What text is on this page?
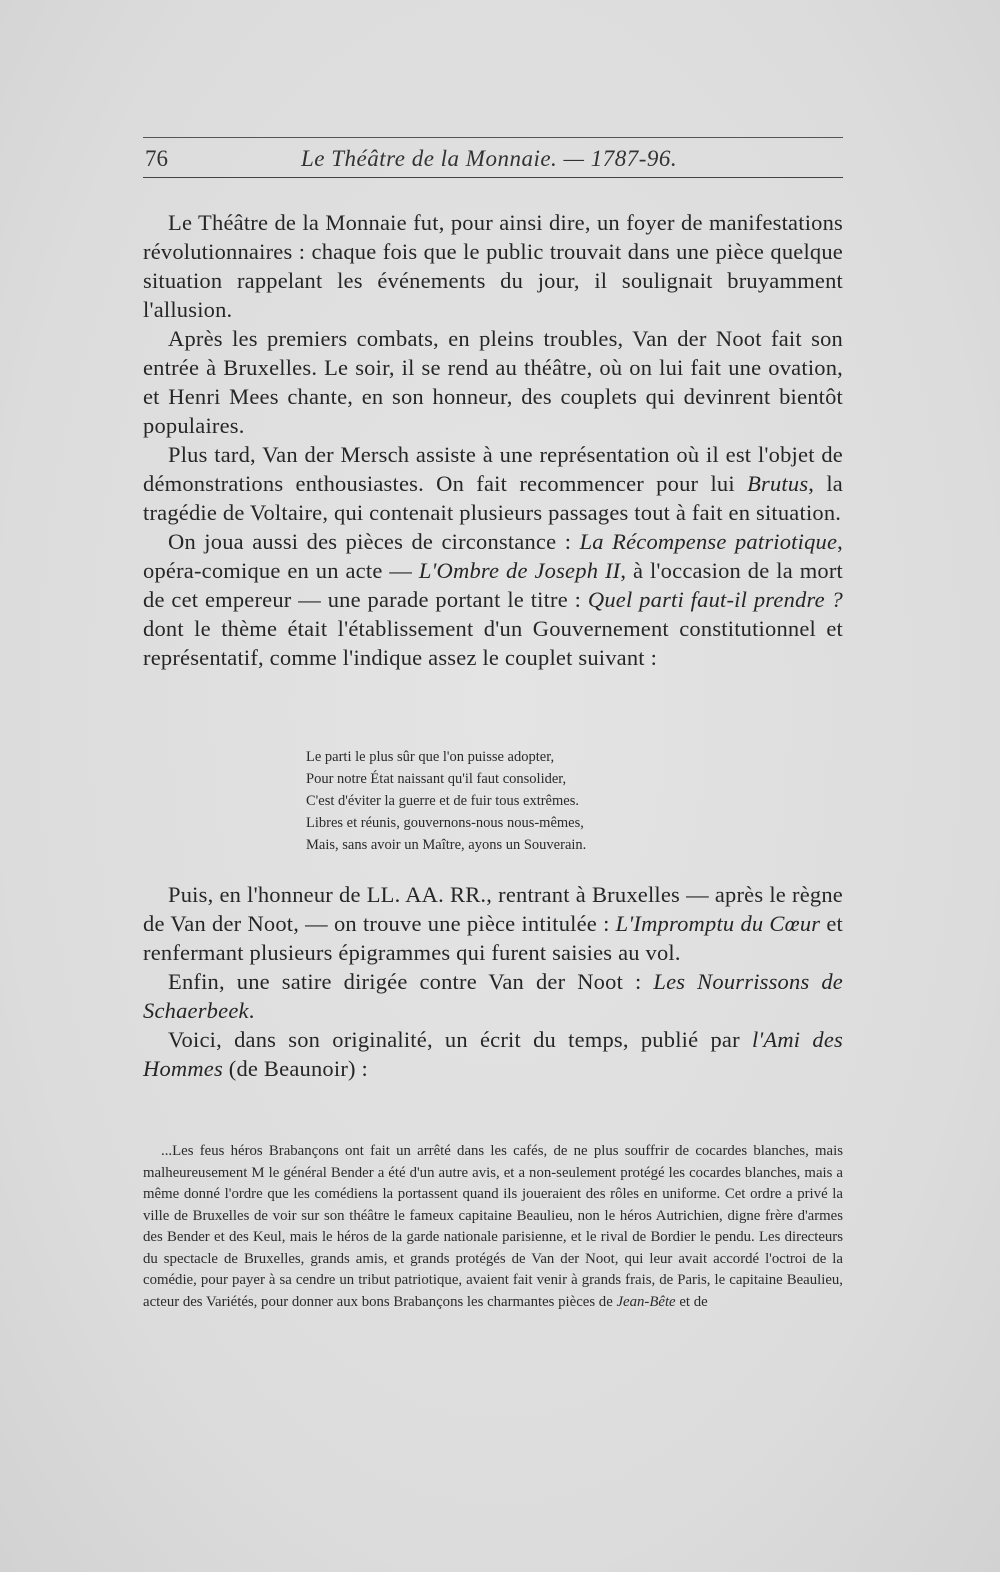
76	Le Théâtre de la Monnaie. — 1787-96.

Le Théâtre de la Monnaie fut, pour ainsi dire, un foyer de manifestations révolutionnaires : chaque fois que le public trouvait dans une pièce quelque situation rappelant les événements du jour, il soulignait bruyamment l'allusion.

Après les premiers combats, en pleins troubles, Van der Noot fait son entrée à Bruxelles. Le soir, il se rend au théâtre, où on lui fait une ovation, et Henri Mees chante, en son honneur, des couplets qui devinrent bientôt populaires.

Plus tard, Van der Mersch assiste à une représentation où il est l'objet de démonstrations enthousiastes. On fait recommencer pour lui Brutus, la tragédie de Voltaire, qui contenait plusieurs passages tout à fait en situation.

On joua aussi des pièces de circonstance : La Récompense patriotique, opéra-comique en un acte — L'Ombre de Joseph II, à l'occasion de la mort de cet empereur — une parade portant le titre : Quel parti faut-il prendre ? dont le thème était l'établissement d'un Gouvernement constitutionnel et représentatif, comme l'indique assez le couplet suivant :

Le parti le plus sûr que l'on puisse adopter,
Pour notre État naissant qu'il faut consolider,
C'est d'éviter la guerre et de fuir tous extrêmes.
Libres et réunis, gouvernons-nous nous-mêmes,
Mais, sans avoir un Maître, ayons un Souverain.

Puis, en l'honneur de LL. AA. RR., rentrant à Bruxelles — après le règne de Van der Noot, — on trouve une pièce intitulée : L'Impromptu du Cœur et renfermant plusieurs épigrammes qui furent saisies au vol.

Enfin, une satire dirigée contre Van der Noot : Les Nourrissons de Schaerbeek.

Voici, dans son originalité, un écrit du temps, publié par l'Ami des Hommes (de Beaunoir) :

...Les feus héros Brabançons ont fait un arrêté dans les cafés, de ne plus souffrir de cocardes blanches, mais malheureusement M le général Bender a été d'un autre avis, et a non-seulement protégé les cocardes blanches, mais a même donné l'ordre que les comédiens la portassent quand ils joueraient des rôles en uniforme. Cet ordre a privé la ville de Bruxelles de voir sur son théâtre le fameux capitaine Beaulieu, non le héros Autrichien, digne frère d'armes des Bender et des Keul, mais le héros de la garde nationale parisienne, et le rival de Bordier le pendu. Les directeurs du spectacle de Bruxelles, grands amis, et grands protégés de Van der Noot, qui leur avait accordé l'octroi de la comédie, pour payer à sa cendre un tribut patriotique, avaient fait venir à grands frais, de Paris, le capitaine Beaulieu, acteur des Variétés, pour donner aux bons Brabançons les charmantes pièces de Jean-Bête et de
